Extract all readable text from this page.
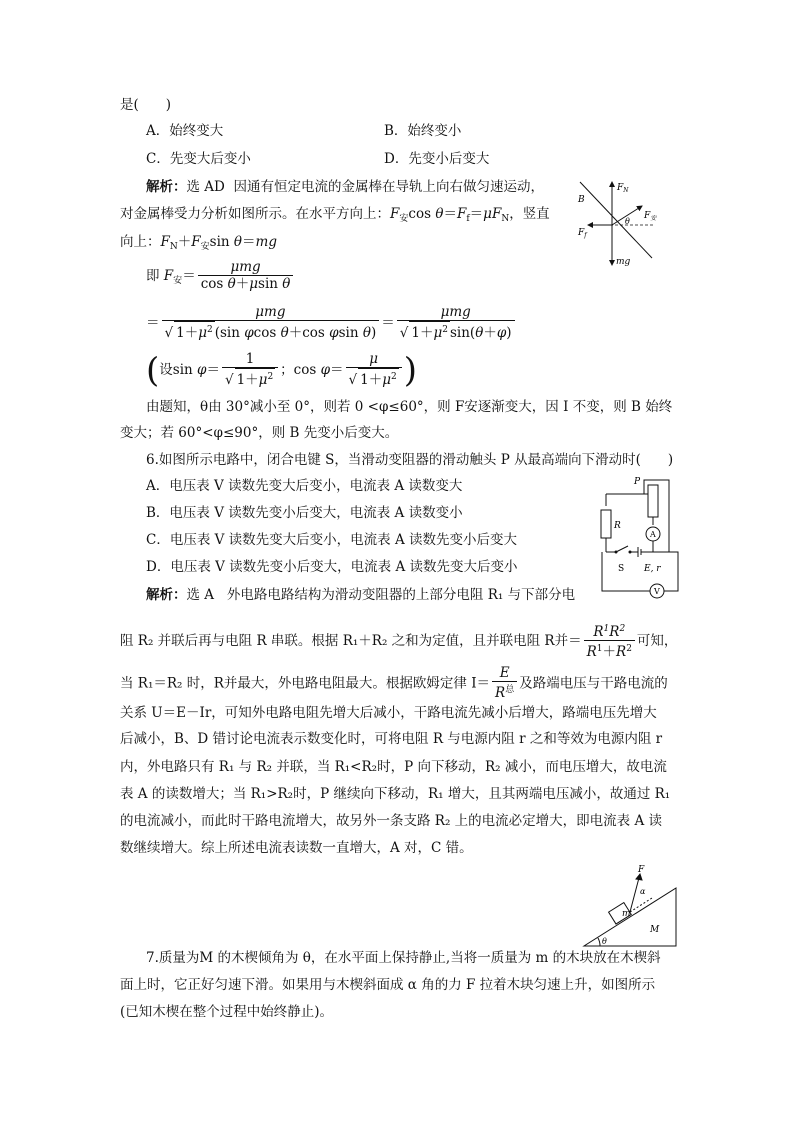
是(　　)
A．始终变大	B．始终变小
C．先变大后变小	D．先变小后变大
解析：选 AD 因通有恒定电流的金属棒在导轨上向右做匀速运动，
对金属棒受力分析如图所示。在水平方向上：$F_安\cos$ $\theta=F_f=\mu F_N$，竖直
向上：$F_N+F_安\sin$ θ＝mg
即 $F_安= \frac{\text{μmg}}{\text{cos θ＋μsin θ}}$
＝ $\frac{\text{μmg}}{√ 1+\mu^2 (\sin \varphi\cos \theta+\cos \varphi\sin \theta)} = \frac{\text{μmg}}{√ 1+\mu^2 \sin(\theta+\varphi)}$
(设$\sin \varphi= \frac{1}{√ 1+\mu^2}$ ；$\cos \varphi= \frac{\mu}{√ 1+\mu^2}$ )
由题知，θ由 30°减小至 0°，则若 0 <φ≤60°，则 F安逐渐变大，因 I 不变，则 B 始终
变大；若 60°<φ≤90°，则 B 先变小后变大。
B
$F_N$
θ
$F_安$
$F_f$
mg
6.如图所示电路中，闭合电键 S，当滑动变阻器的滑动触头 P 从最高端向下滑动时(　　)
A．电压表 V 读数先变大后变小，电流表 A 读数变大
B．电压表 V 读数先变小后变大，电流表 A 读数变小
C．电压表 V 读数先变大后变小，电流表 A 读数先变小后变大
D．电压表 V 读数先变小后变大，电流表 A 读数先变大后变小
解析：选 A 外电路电路结构为滑动变阻器的上部分电阻 R₁ 与下部分电
阻 R₂ 并联后再与电阻 R 串联。根据 R₁＋R₂ 之和为定值，且并联电阻 R并＝ $\frac{R^1R^2}{R^1+R^2}$ 可知，
当 R₁＝R₂ 时，R并最大，外电路电阻最大。根据欧姆定律 $I= \frac{E}{R^总}$ 及路端电压与干路电流的
关系 U＝E－Ir，可知外电路电阻先增大后减小，干路电流先减小后增大，路端电压先增大
后减小，B、D 错讨论电流表示数变化时，可将电阻 R 与电源内阻 r 之和等效为电源内阻 r
内，外电路只有 R₁ 与 R₂ 并联，当 R₁<R₂时，P 向下移动，R₂ 减小，而电压增大，故电流
表 A 的读数增大；当 R₁>R₂时，P 继续向下移动，R₁ 增大，且其两端电压减小，故通过 R₁
的电流减小，而此时干路电流增大，故另外一条支路 R₂ 上的电流必定增大，即电流表 A 读
数继续增大。综上所述电流表读数一直增大，A 对，C 错。
P
R
A
S E, r
V
F
α
m
M
θ
7.质量为M 的木楔倾角为 θ，在水平面上保持静止,当将一质量为 m 的木块放在木楔斜
面上时，它正好匀速下滑。如果用与木楔斜面成 α 角的力 F 拉着木块匀速上升，如图所示
(已知木楔在整个过程中始终静止)。
